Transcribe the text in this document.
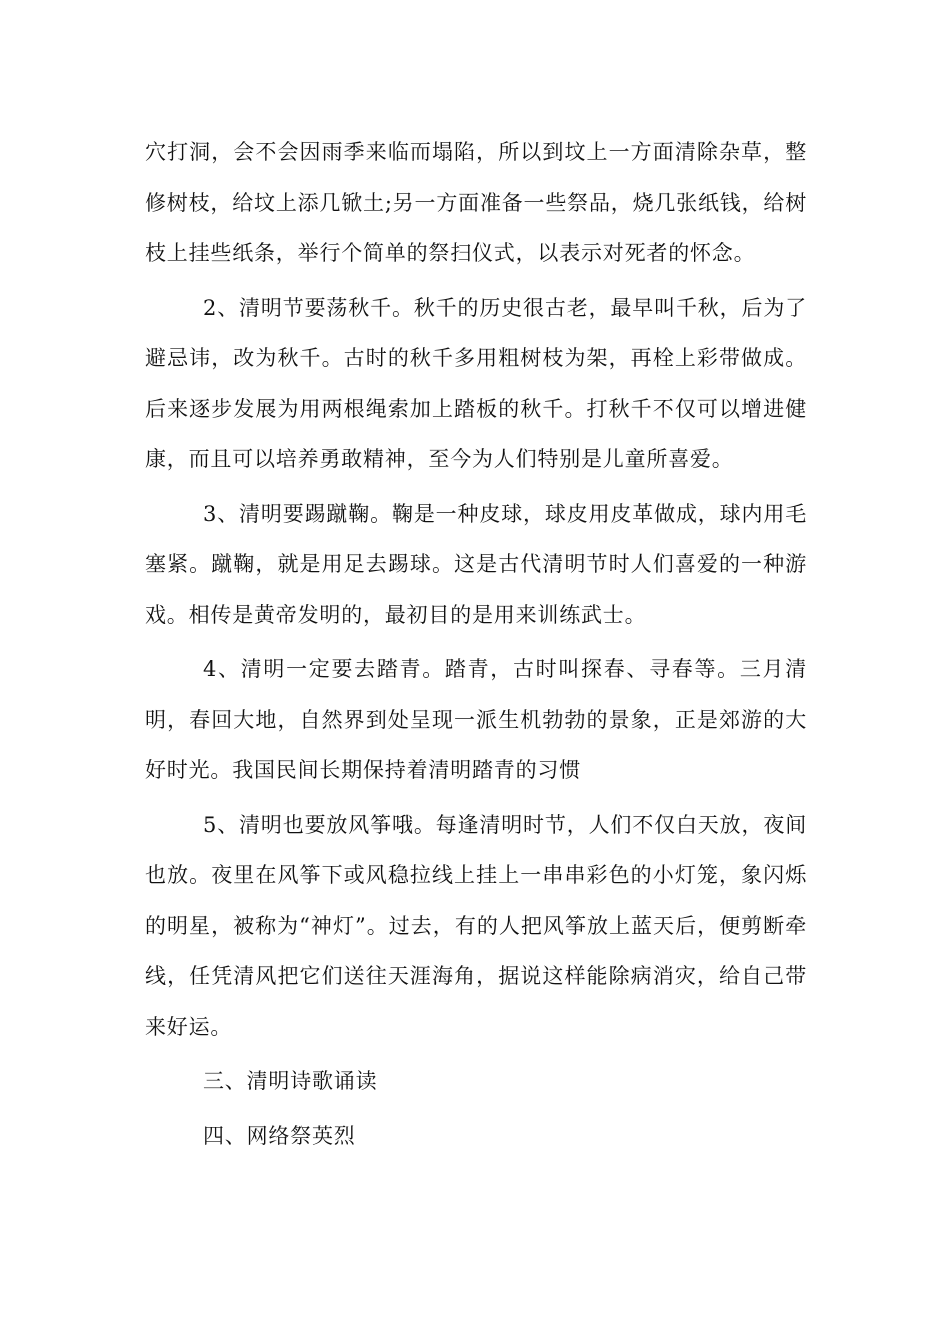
穴打洞，会不会因雨季来临而塌陷，所以到坟上一方面清除杂草，整修树枝，给坟上添几锨土;另一方面准备一些祭品，烧几张纸钱，给树枝上挂些纸条，举行个简单的祭扫仪式，以表示对死者的怀念。

2、清明节要荡秋千。秋千的历史很古老，最早叫千秋，后为了避忌讳，改为秋千。古时的秋千多用粗树枝为架，再栓上彩带做成。后来逐步发展为用两根绳索加上踏板的秋千。打秋千不仅可以增进健康，而且可以培养勇敢精神，至今为人们特别是儿童所喜爱。

3、清明要踢蹴鞠。鞠是一种皮球，球皮用皮革做成，球内用毛塞紧。蹴鞠，就是用足去踢球。这是古代清明节时人们喜爱的一种游戏。相传是黄帝发明的，最初目的是用来训练武士。

4、清明一定要去踏青。踏青，古时叫探春、寻春等。三月清明，春回大地，自然界到处呈现一派生机勃勃的景象，正是郊游的大好时光。我国民间长期保持着清明踏青的习惯

5、清明也要放风筝哦。每逢清明时节，人们不仅白天放，夜间也放。夜里在风筝下或风稳拉线上挂上一串串彩色的小灯笼，象闪烁的明星，被称为“神灯”。过去，有的人把风筝放上蓝天后，便剪断牵线，任凭清风把它们送往天涯海角，据说这样能除病消灾，给自己带来好运。

三、清明诗歌诵读

四、网络祭英烈
